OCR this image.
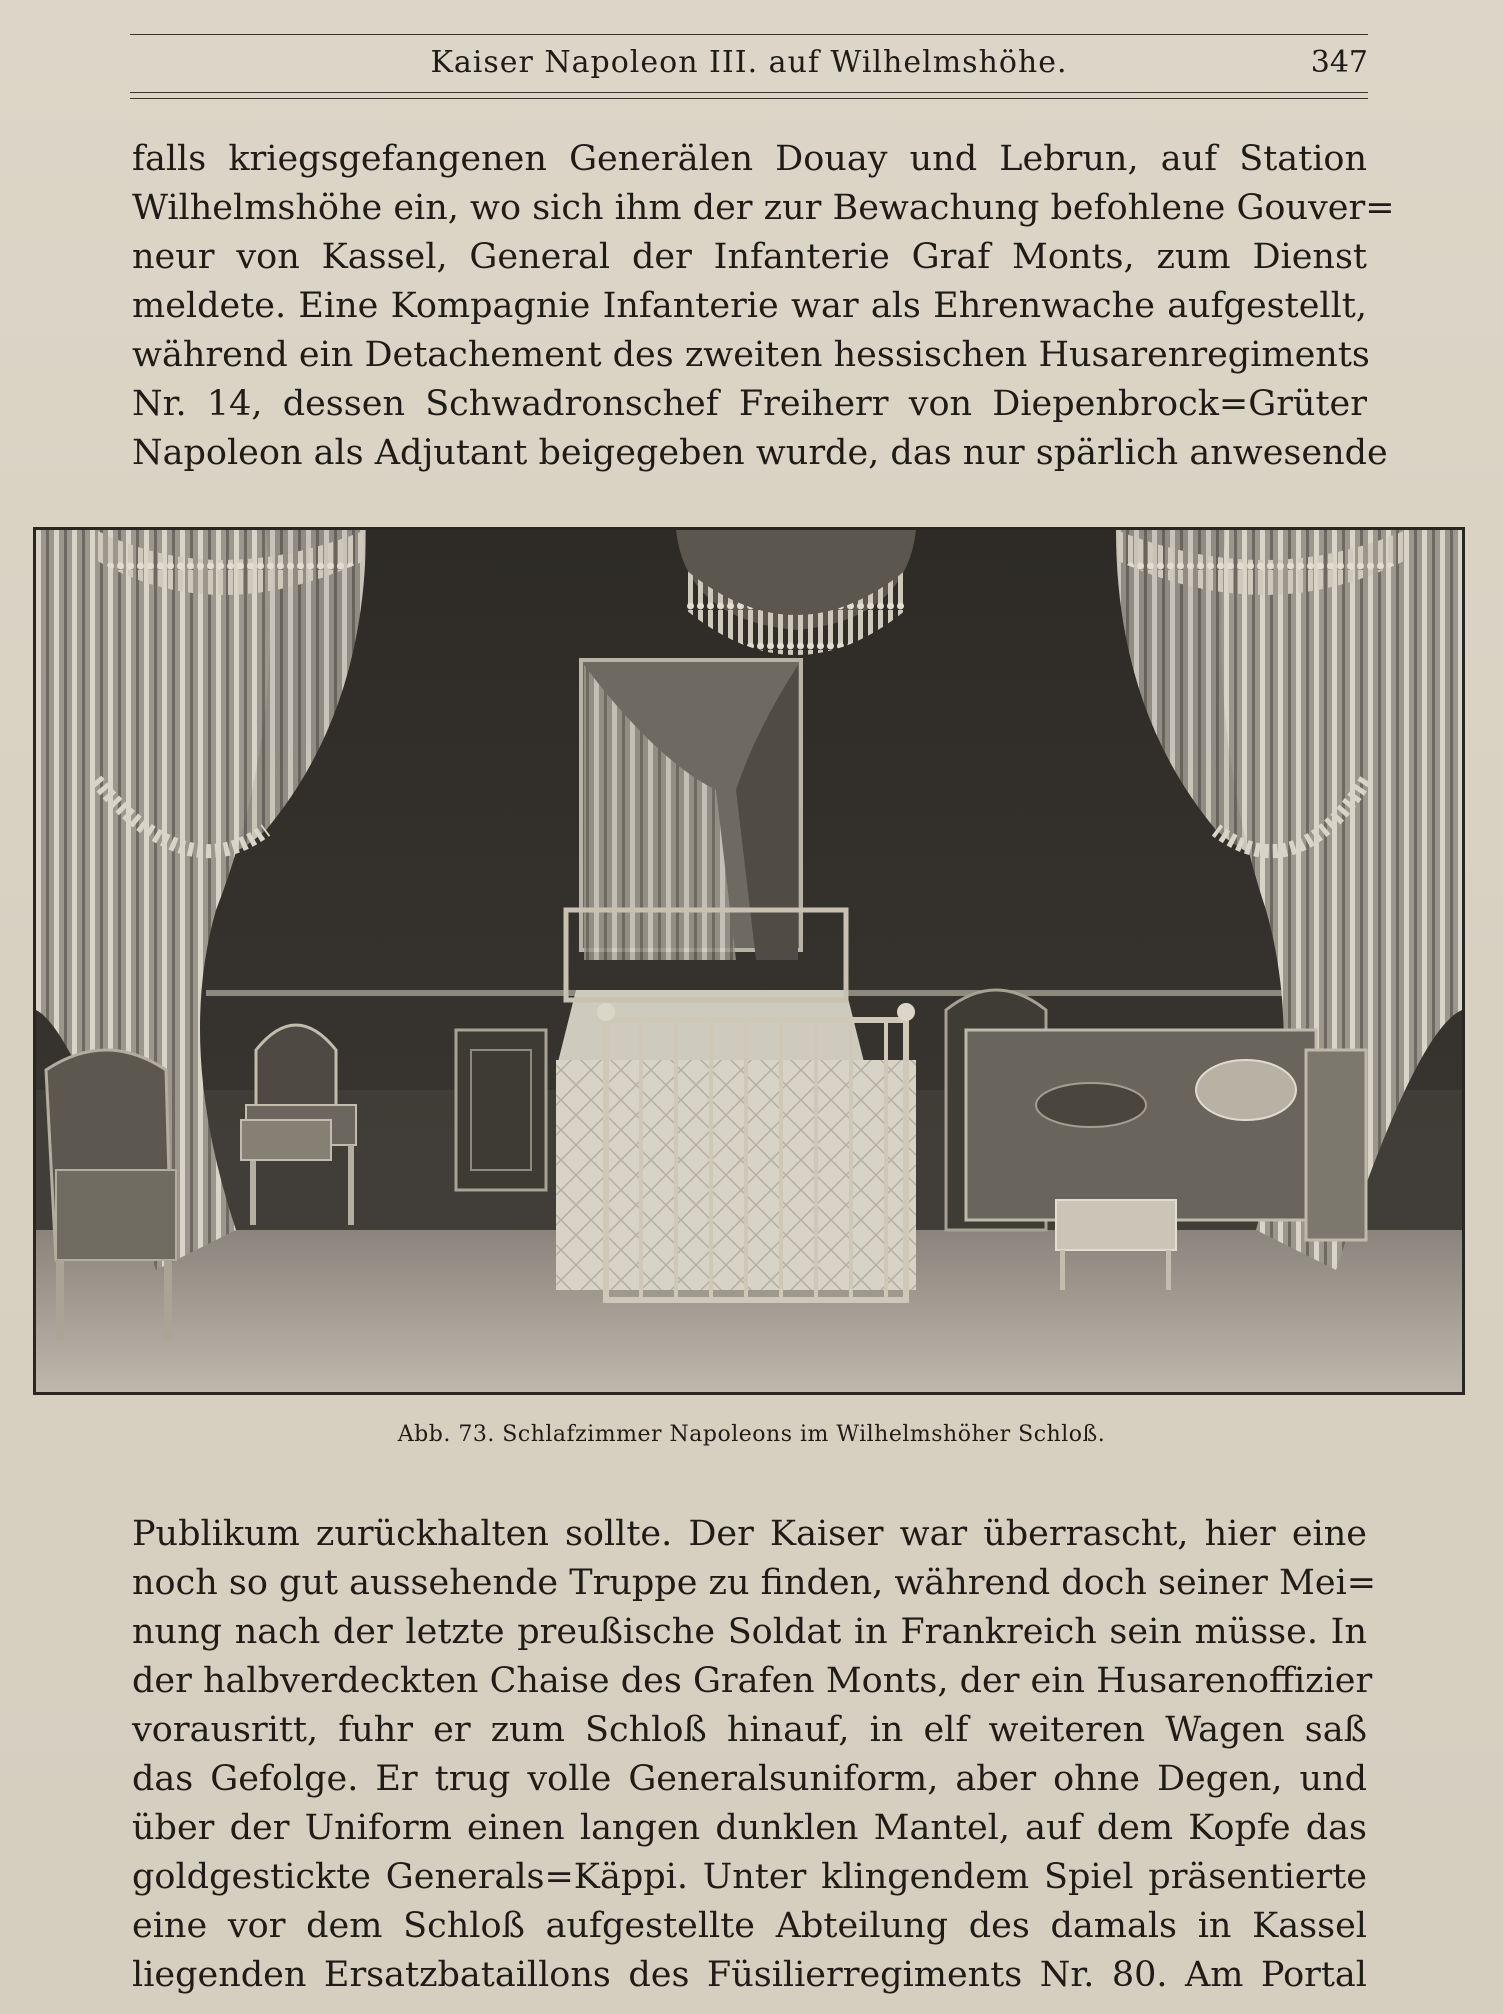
Kaiser Napoleon III. auf Wilhelmshöhe.	347
falls kriegsgefangenen Generälen Douay und Lebrun, auf Station
Wilhelmshöhe ein, wo sich ihm der zur Bewachung befohlene Gouver=
neur von Kassel, General der Infanterie Graf Monts, zum Dienst
meldete. Eine Kompagnie Infanterie war als Ehrenwache aufgestellt,
während ein Detachement des zweiten hessischen Husarenregiments
Nr. 14, dessen Schwadronschef Freiherr von Diepenbrock=Grüter
Napoleon als Adjutant beigegeben wurde, das nur spärlich anwesende
Abb. 73. Schlafzimmer Napoleons im Wilhelmshöher Schloß.
Publikum zurückhalten sollte. Der Kaiser war überrascht, hier eine
noch so gut aussehende Truppe zu finden, während doch seiner Mei=
nung nach der letzte preußische Soldat in Frankreich sein müsse. In
der halbverdeckten Chaise des Grafen Monts, der ein Husarenoffizier
vorausritt, fuhr er zum Schloß hinauf, in elf weiteren Wagen saß
das Gefolge. Er trug volle Generalsuniform, aber ohne Degen, und
über der Uniform einen langen dunklen Mantel, auf dem Kopfe das
goldgestickte Generals=Käppi. Unter klingendem Spiel präsentierte
eine vor dem Schloß aufgestellte Abteilung des damals in Kassel
liegenden Ersatzbataillons des Füsilierregiments Nr. 80. Am Portal
